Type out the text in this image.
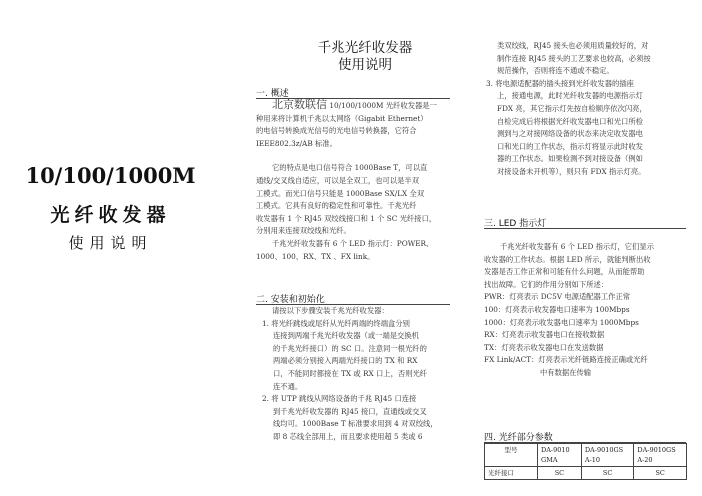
10/100/1000M
光纤收发器
使用说明
千兆光纤收发器
使用说明
一. 概述
北京数联信 10/100/1000M 光纤收发器是一
种用来将计算机千兆以太网络（Gigabit Ethernet）
的电信号转换成光信号的光电信号转换器，它符合
IEEE802.3z/AB 标准。
它的特点是电口信号符合 1000Base T，可以直
通线/交叉线自适应，可以是全双工，也可以是半双
工模式。而光口信号只能是 1000Base SX/LX 全双
工模式。它具有良好的稳定性和可靠性。千兆光纤
收发器有 1 个 RJ45 双绞线接口和 1 个 SC 光纤接口，
分别用来连接双绞线和光纤。
千兆光纤收发器有 6 个 LED 指示灯：POWER、
1000、100、RX、TX 、FX link。
二. 安装和初始化
请按以下步骤安装千兆光纤收发器：
1. 将光纤跳线或尾纤从光纤两端的终端盒分别
连接到两端千兆光纤收发器（或一端是交换机
的千兆光纤接口）的 SC 口。注意同一根光纤的
两端必须分别接入两端光纤接口的 TX 和 RX
口，不能同时都接在 TX 或 RX 口上，否则光纤
连不通。
2. 将 UTP 跳线从网络设备的千兆 RJ45 口连接
到千兆光纤收发器的 RJ45 接口，直通线或交叉
线均可。1000Base T 标准要求用到 4 对双绞线，
即 8 芯线全部用上，而且要求使用超 5 类或 6
类双绞线，RJ45 接头也必须用质量较好的，对
制作连接 RJ45 接头的工艺要求也较高，必须按
规范操作，否则将连不通或不稳定。
3. 将电源适配器的插头接到光纤收发器的插座
上，接通电源，此时光纤收发器的电源指示灯
FDX 亮，其它指示灯先按自检顺序依次闪亮，
自检完成后将根据光纤收发器电口和光口所检
测到与之对接网络设备的状态来决定收发器电
口和光口的工作状态，指示灯将显示此时收发
器的工作状态。如果检测不到对接设备（例如
对接设备未开机等），则只有 FDX 指示灯亮。
三. LED 指示灯
千兆光纤收发器有 6 个 LED 指示灯，它们显示
收发器的工作状态。根据 LED 所示，就能判断出收
发器是否工作正常和可能有什么问题，从而能帮助
找出故障。它们的作用分别如下所述：
PWR：灯亮表示 DC5V 电源适配器工作正常
100：灯亮表示收发器电口速率为 100Mbps
1000：灯亮表示收发器电口速率为 1000Mbps
RX：灯亮表示收发器电口在接收数据
TX：灯亮表示收发器电口在发送数据
FX Link/ACT：灯亮表示光纤链路连接正确或光纤
中有数据在传输
四. 光纤部分参数
型号	DA-9010 GMA	DA-9010GS A-10	DA-9010GS A-20
光纤接口	SC	SC	SC
